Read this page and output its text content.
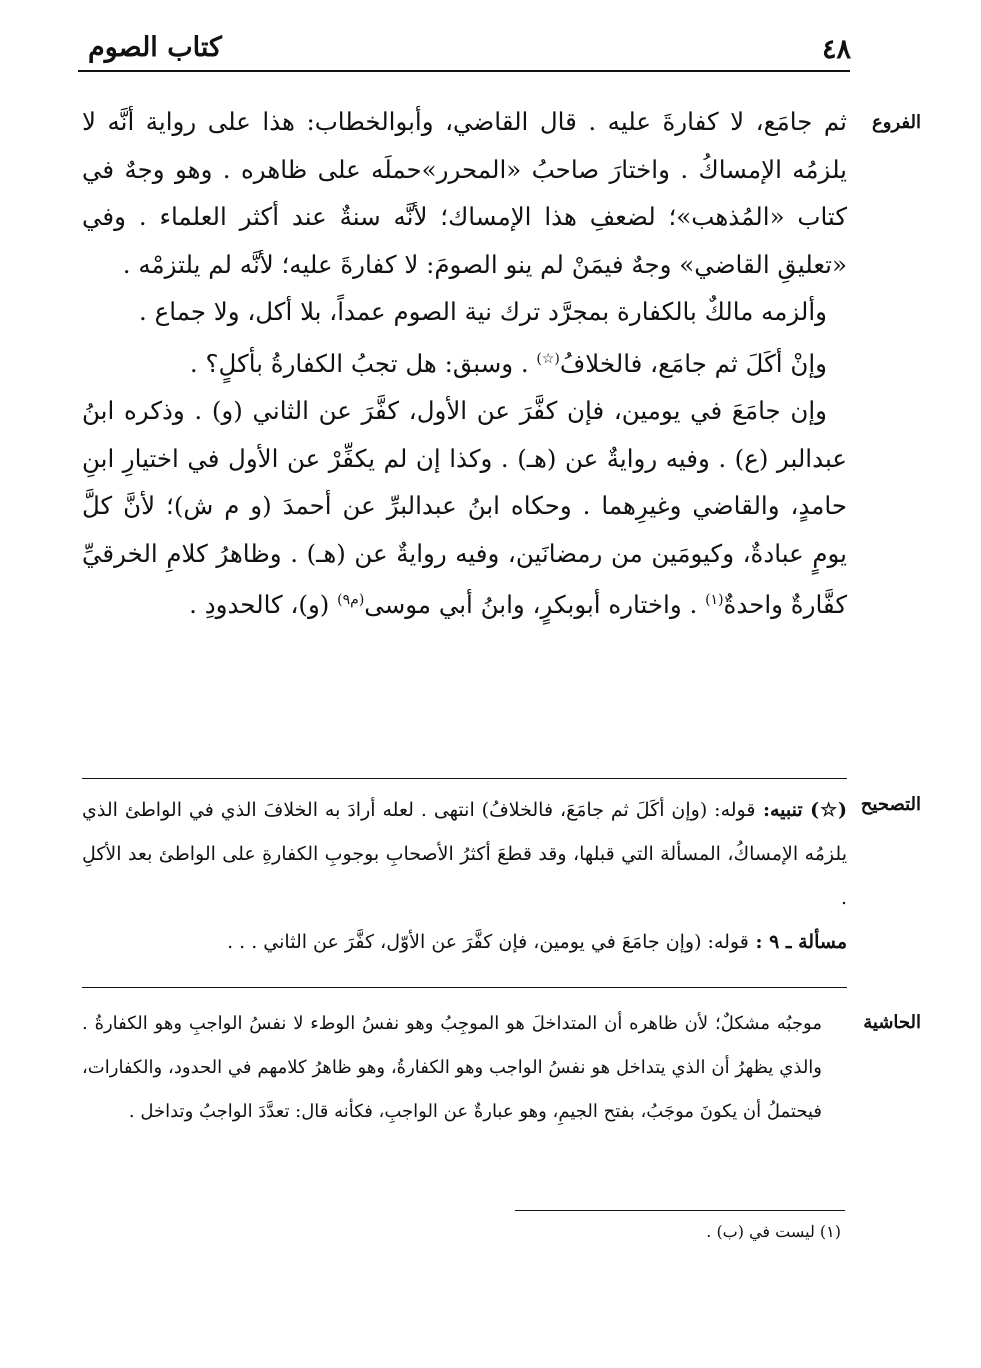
٤٨
كتاب الصوم
الفروع

ثم جامَع، لا كفارةَ عليه . قال القاضي، وأبوالخطاب: هذا على رواية أنَّه لا يلزمُه الإمساكُ . واختارَ صاحبُ «المحرر»حملَه على ظاهره . وهو وجهٌ في كتاب «المُذهب»؛ لضعفِ هذا الإمساك؛ لأنَّه سنةٌ عند أكثر العلماء . وفي «تعليقِ القاضي» وجهٌ فيمَنْ لم ينو الصومَ: لا كفارةَ عليه؛ لأنَّه لم يلتزمْه .

وألزمه مالكٌ بالكفارة بمجرَّد ترك نية الصوم عمداً، بلا أكل، ولا جماع .

وإنْ أكَلَ ثم جامَع، فالخلافُ(☆) . وسبق: هل تجبُ الكفارةُ بأكلٍ؟ .

وإن جامَعَ في يومين، فإن كفَّرَ عن الأول، كفَّرَ عن الثاني (و) . وذكره ابنُ عبدالبر (ع) . وفيه روايةٌ عن (هـ) . وكذا إن لم يكفِّرْ عن الأول في اختيارِ ابنِ حامدٍ، والقاضي وغيرِهما . وحكاه ابنُ عبدالبرِّ عن أحمدَ (و م ش)؛ لأنَّ كلَّ يومٍ عبادةٌ، وكيومَين من رمضانَين، وفيه روايةٌ عن (هـ) . وظاهرُ كلامِ الخرقيِّ كفَّارةٌ واحدةٌ$^{(١)}$ . واختاره أبوبكرٍ، وابنُ أبي موسى$^{(م٩)}$ (و)، كالحدودِ .

التصحيح

(☆) تنبيه: قوله: (وإن أكَلَ ثم جامَعَ، فالخلافُ) انتهى . لعله أرادَ به الخلافَ الذي في الواطئ الذي يلزمُه الإمساكُ، المسألة التي قبلها، وقد قطعَ أكثرُ الأصحابِ بوجوبِ الكفارةِ على الواطئ بعد الأكلِ .

مسألة ـ ٩ : قوله: (وإن جامَعَ في يومين، فإن كفَّرَ عن الأوّل، كفَّرَ عن الثاني . . .

الحاشية

موجبُه مشكلٌ؛ لأن ظاهره أن المتداخلَ هو الموجِبُ وهو نفسُ الوطء لا نفسُ الواجبِ وهو الكفارةُ . والذي يظهرُ أن الذي يتداخل هو نفسُ الواجب وهو الكفارةُ، وهو ظاهرُ كلامهم في الحدود، والكفارات، فيحتملُ أن يكونَ موجَبُ، بفتح الجيمِ، وهو عبارةٌ عن الواجبِ، فكأنه قال: تعدَّدَ الواجبُ وتداخل .

(١) ليست في (ب) .
